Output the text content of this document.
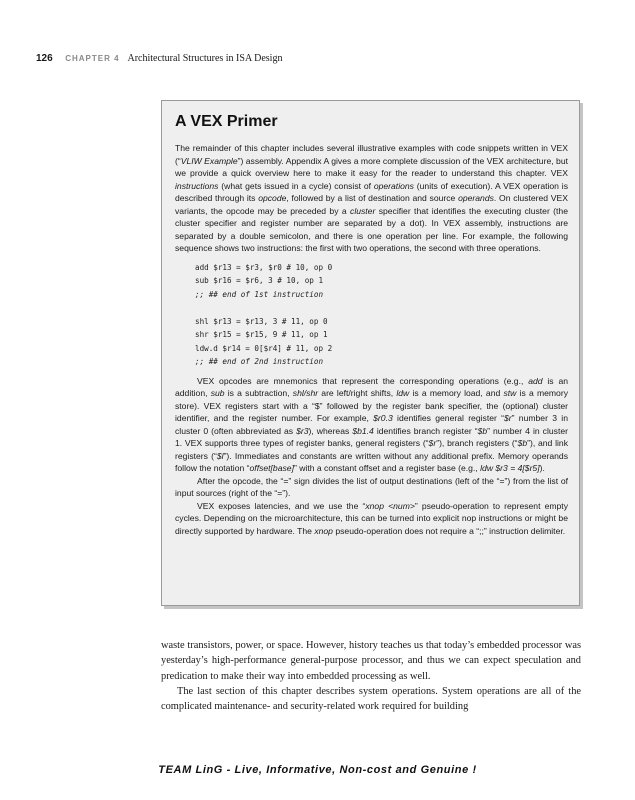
126 CHAPTER 4 Architectural Structures in ISA Design
A VEX Primer

The remainder of this chapter includes several illustrative examples with code snippets written in VEX (“VLIW Example”) assembly. Appendix A gives a more complete discussion of the VEX architecture, but we provide a quick overview here to make it easy for the reader to understand this chapter. VEX instructions (what gets issued in a cycle) consist of operations (units of execution). A VEX operation is described through its opcode, followed by a list of destination and source operands. On clustered VEX variants, the opcode may be preceded by a cluster specifier that identifies the executing cluster (the cluster specifier and register number are separated by a dot). In VEX assembly, instructions are separated by a double semicolon, and there is one operation per line. For example, the following sequence shows two instructions: the first with two operations, the second with three operations.

add $r13 = $r3, $r0 # 10, op 0
sub $r16 = $r6, 3 # 10, op 1
;; ## end of 1st instruction
shl $r13 = $r13, 3 # 11, op 0
shr $r15 = $r15, 9 # 11, op 1
ldw.d $r14 = 0[$r4] # 11, op 2
;; ## end of 2nd instruction

VEX opcodes are mnemonics that represent the corresponding operations (e.g., add is an addition, sub is a subtraction, shl/shr are left/right shifts, ldw is a memory load, and stw is a memory store). VEX registers start with a “$” followed by the register bank specifier, the (optional) cluster identifier, and the register number. For example, $r0.3 identifies general register “$r” number 3 in cluster 0 (often abbreviated as $r3), whereas $b1.4 identifies branch register “$b” number 4 in cluster 1. VEX supports three types of register banks, general registers (“$r”), branch registers (“$b”), and link registers (“$l”). Immediates and constants are written without any additional prefix. Memory operands follow the notation “offset[base]” with a constant offset and a register base (e.g., ldw $r3 = 4[$r5]).

After the opcode, the “=” sign divides the list of output destinations (left of the “=”) from the list of input sources (right of the “=”).

VEX exposes latencies, and we use the “xnop <num>” pseudo-operation to represent empty cycles. Depending on the microarchitecture, this can be turned into explicit nop instructions or might be directly supported by hardware. The xnop pseudo-operation does not require a “;;” instruction delimiter.

waste transistors, power, or space. However, history teaches us that today’s embedded processor was yesterday’s high-performance general-purpose processor, and thus we can expect speculation and predication to make their way into embedded processing as well.

The last section of this chapter describes system operations. System operations are all of the complicated maintenance- and security-related work required for building

TEAM LinG - Live, Informative, Non-cost and Genuine !
